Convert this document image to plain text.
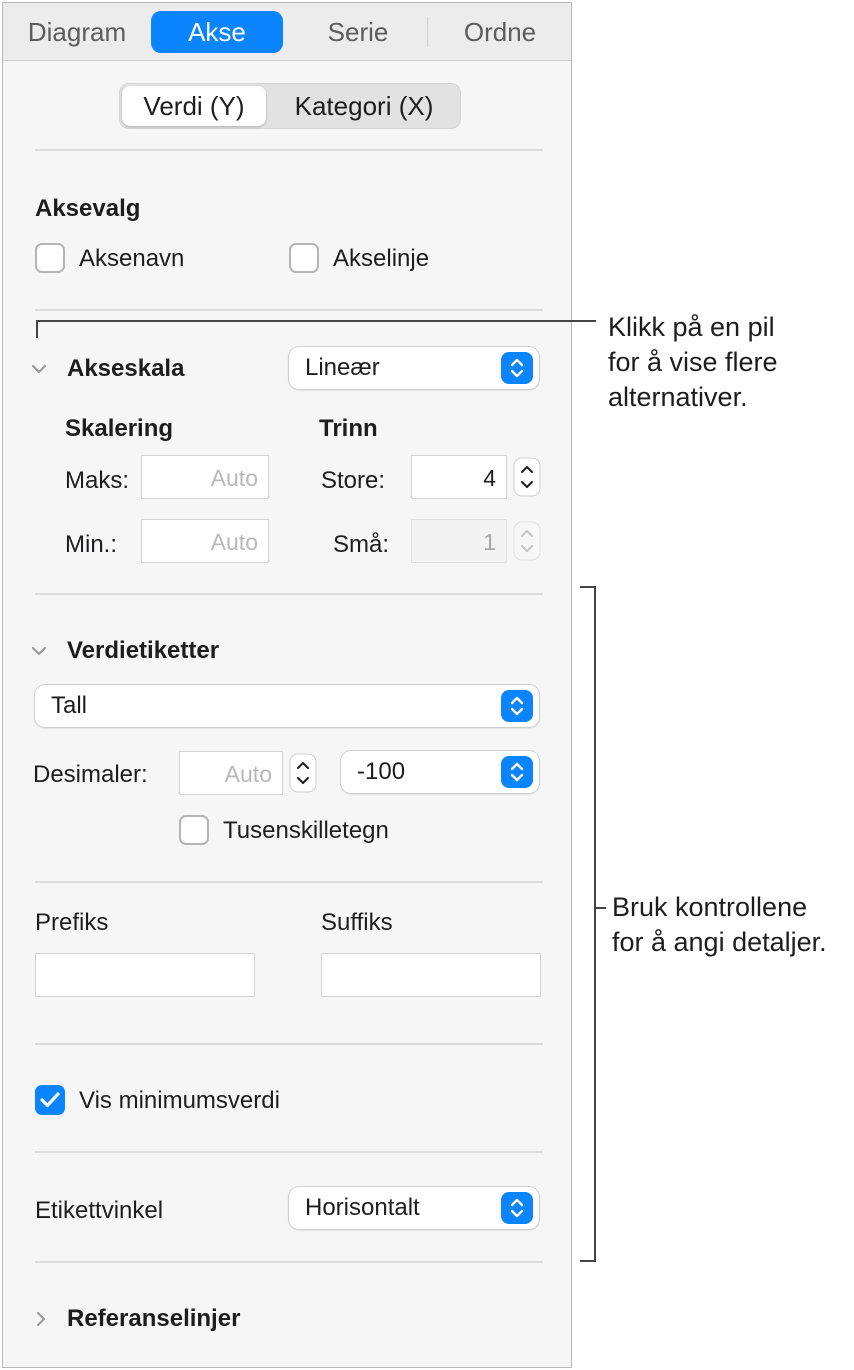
Diagram	Akse	Serie	Ordne
Verdi (Y)	Kategori (X)
Aksevalg
Aksenavn	Akselinje
Akseskala	Lineær
Skalering	Trinn
Maks:	Auto	Store:	4
Min.:	Auto	Små:	1
Verdietiketter
Tall
Desimaler:	Auto	-100
Tusenskilletegn
Prefiks	Suffiks
Vis minimumsverdi
Etikettvinkel	Horisontalt
Referanselinjer
Klikk på en pil
for å vise flere
alternativer.
Bruk kontrollene
for å angi detaljer.
